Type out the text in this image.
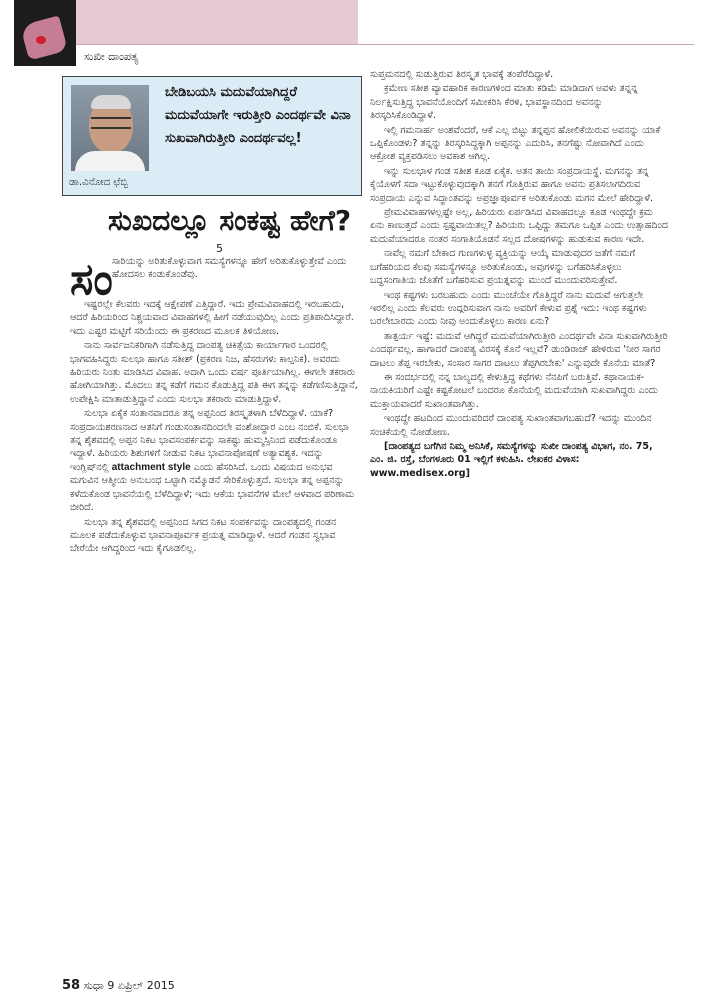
ಸುಖೀ ದಾಂಪತ್ಯ
ಡಾ.ವಿನೋದ ಛೆಬ್ಬಿ
ಬೇಡಿಬಯಸಿ ಮದುವೆಯಾಗಿದ್ದರೆ ಮದುವೆಯಾಗೇ ಇರುತ್ತೀರಿ ಎಂದರ್ಥವೇ ವಿನಾ ಸುಖವಾಗಿರುತ್ತೀರಿ ಎಂದರ್ಥವಲ್ಲ!
ಸುಖದಲ್ಲೂ ಸಂಕಷ್ಟ ಹೇಗೆ?
5
ಸಂ ಸಾರಿಯನ್ನು ಅರಿತುಕೊಳ್ಳುವಾಗ ಸಮಸ್ಯೆಗಳನ್ನೂ ಹೇಗೆ ಅರಿತುಕೊಳ್ಳುತ್ತೇವೆ ಎಂದು ಹೋದಸಲ ಕಂಡುಕೊಂಡೆವು.

ಇಷ್ಟರಲ್ಲೇ ಕೆಲವರು ಇದಕ್ಕೆ ಆಕ್ಷೇಪಣೆ ಎತ್ತಿದ್ದಾರೆ. ಇದು ಪ್ರೇಮವಿವಾಹದಲ್ಲಿ ಇರಬಹುದು, ಆದರೆ ಹಿರಿಯರಿಂದ ನಿಶ್ಚಯವಾದ ವಿವಾಹಗಳಲ್ಲಿ ಹೀಗೆ ನಡೆಯುವುದಿಲ್ಲ ಎಂದು ಪ್ರತಿಪಾದಿಸಿದ್ದಾರೆ. ಇದು ಎಷ್ಟರ ಮಟ್ಟಿಗೆ ಸರಿಯೆಂದು ಈ ಪ್ರಕರಣದ ಮೂಲಕ ತಿಳಿಯೋಣ.

ನಾನು ಸಾರ್ವಜನಿಕರಿಗಾಗಿ ನಡೆಸುತ್ತಿದ್ದ ದಾಂಪತ್ಯ ಚಿಕಿತ್ಸೆಯ ಕಾರ್ಯಾಗಾರ ಒಂದರಲ್ಲಿ ಭಾಗವಹಿಸಿದ್ದರು ಸುಲಭಾ ಹಾಗೂ ಸತೀಶ್ (ಪ್ರಕರಣ ನಿಜ, ಹೆಸರುಗಳು ಕಾಲ್ಪನಿಕ). ಅವರದು ಹಿರಿಯರು ನಿಂತು ಮಾಡಿಸಿದ ವಿವಾಹ. ಅದಾಗಿ ಒಂದು ವರ್ಷ ಪೂರ್ತಿಯಾಗಿಲ್ಲ. ಈಗಲೇ ತಕರಾರು ಹೋಗಿಯಾಗಿತ್ತು. ಮೊದಲು ತನ್ನ ಕಡೆಗೆ ಗಮನ ಕೊಡುತ್ತಿದ್ದ ಪತಿ ಈಗ ತನ್ನನ್ನು ಕಡೆಗಣಿಸುತ್ತಿದ್ದಾನೆ, ಉಪೇಕ್ಷಿಸಿ ಮಾತಾಡುತ್ತಿದ್ದಾನೆ ಎಂದು ಸುಲಭಾ ತಕರಾರು ಮಾಡುತ್ತಿದ್ದಾಳೆ.

ಸುಲಭಾ ಏಕೈಕ ಸಂತಾನವಾದರೂ ತನ್ನ ಅಪ್ಪನಿಂದ ತಿರಸ್ಕೃತಳಾಗಿ ಬೆಳೆದಿದ್ದಾಳೆ. ಯಾಕೆ? ಸಂಪ್ರದಾಯಶರಣನಾದ ಆತನಿಗೆ ಗಂಡುಸಂತಾನದಿಂದಲೇ ವಂಶೋದ್ಧಾರ ಎಂಬ ನಂಬಿಕೆ. ಸುಲಭಾ ತನ್ನ ಶೈಶವದಲ್ಲಿ ಅಪ್ಪನ ನಿಕಟ ಭಾವಸಂಪರ್ಕವನ್ನು ಸಾಕಷ್ಟು ಹುಮ್ಮಸ್ಸಿನಿಂದ ಪಡೆದುಕೊಂಡೂ ಇದ್ದಾಳೆ. ಹಿರಿಯರು ಶಿಶುಗಳಿಗೆ ನೀಡುವ ನಿಕಟ ಭಾವನಾಪೋಷಣೆ ಅತ್ಯಾವಶ್ಯಕ. ಇದನ್ನು ಇಂಗ್ಲಿಷ್‌ನಲ್ಲಿ attachment style ಎಂದು ಹೆಸರಿಸಿದೆ. ಒಂದು ವಿಷಯದ ಅನುಭವ ಮಗುವಿನ ಆತ್ಮೀಯ ಅನುಬಂಧ ಒಟ್ಟಾಗಿ ನಮ್ಮೊಡನೆ ಸೇರಿಕೊಳ್ಳುತ್ತದೆ. ಸುಲಭಾ ತನ್ನ ಅಪ್ಪನನ್ನು ಕಳೆದುಕೊಂಡ ಭಾವನೆಯಲ್ಲಿ ಬೆಳೆದಿದ್ದಾಳೆ; ಇದು ಆಕೆಯ ಭಾವನೆಗಳ ಮೇಲೆ ಆಳವಾದ ಪರಿಣಾಮ ಬೀರಿದೆ.

ಸುಲಭಾ ತನ್ನ ಶೈಶವದಲ್ಲಿ ಅಪ್ಪನಿಂದ ಸಿಗದ ನಿಕಟ ಸಂಪರ್ಕವನ್ನು ದಾಂಪತ್ಯದಲ್ಲಿ ಗಂಡನ ಮೂಲಕ ಪಡೆದುಕೊಳ್ಳುವ ಭಾವನಾಪೂರ್ವಕ ಪ್ರಯತ್ನ ಮಾಡಿದ್ದಾಳೆ. ಆದರೆ ಗಂಡನ ಸ್ವಭಾವ ಬೇರೆಯೇ ಆಗಿದ್ದರಿಂದ ಇದು ಕೈಗೂಡಲಿಲ್ಲ.

ಸುಪ್ತಮನದಲ್ಲಿ ಸುಡುತ್ತಿರುವ ತಿರಸ್ಕೃತ ಭಾವಕ್ಕೆ ತಂಪೆರೆದಿದ್ದಾಳೆ.

ಕ್ರಮೇಣ ಸತೀಶ ವ್ಯಾವಹಾರಿಕ ಕಾರಣಗಳಿಂದ ಮಾತು ಕಡಿಮೆ ಮಾಡಿದಾಗ ಅವಳು ತನ್ನನ್ನ ನಿರ್ಲಕ್ಷಿಸುತ್ತಿದ್ದ ಭಾವನೆಯೊಂದಿಗೆ ಸಮೀಕರಿಸಿ ಕೆರಳಿ, ಭಾವಸ್ಥಾನದಿಂದ ಅವನನ್ನು ತಿರಸ್ಕರಿಸಿಕೊಂಡಿದ್ದಾಳೆ.

ಇಲ್ಲಿ ಗಮನಾರ್ಹ ಅಂಶವೆಂದರೆ, ಆಕೆ ಎಲ್ಲ ಬಿಟ್ಟು ತನ್ನಪ್ಪನ ಹೋಲಿಕೆಯಿರುವ ಅವನನ್ನು ಯಾಕೆ ಒಪ್ಪಿಕೊಂಡಳು? ತನ್ನನ್ನು ತಿರಸ್ಕರಿಸಿದ್ದಕ್ಕಾಗಿ ಅಪ್ಪನನ್ನು ಎದುರಿಸಿ, ತನಗೆಷ್ಟು ನೋವಾಗಿದೆ ಎಂದು ಆಕ್ರೋಶ ವ್ಯಕ್ತಪಡಿಸಲು ಅವಕಾಶ ಆಗಿಲ್ಲ.

ಇನ್ನು ಸುಲಭಾಳ ಗಂಡ ಸತೀಶ ಕೂಡ ಏಕೈಕ. ಅತನ ತಾಯಿ ಸಂಪ್ರದಾಯಸ್ಥೆ. ಮಗನನ್ನು ತನ್ನ ಕೈಯೊಳಗೆ ಸದಾ ಇಟ್ಟುಕೊಳ್ಳುವುದಕ್ಕಾಗಿ ತನಗೆ ಗೊತ್ತಿರುವ ಹಾಗೂ ಅವನು ಪ್ರತಿಸಲಾಗದಿರುವ ಸಂಪ್ರದಾಯ ಎನ್ನುವ ಸಿದ್ಧಾಂತವನ್ನು ಅಪ್ರಜ್ಞಾಪೂರ್ವಕ ಅರಿತುಕೊಂಡು ಮಗನ ಮೇಲೆ ಹೇರಿದ್ದಾಳೆ.

ಪ್ರೇಮವಿವಾಹಗಳಲ್ಲಷ್ಟೇ ಅಲ್ಲ, ಹಿರಿಯರು ಏರ್ಪಡಿಸಿದ ವಿವಾಹದಲ್ಲೂ ಕೂಡ ಇಂಥದ್ದೇ ಕ್ರಮ ಏನು ಕಾಣುತ್ತದೆ ಎಂದು ಸ್ಪಷ್ಟವಾಯಿತಲ್ಲ? ಹಿರಿಯರು ಒಪ್ಪಿದ್ದು ತಮಗೂ ಒಪ್ಪಿತ ಎಂದು ಉತ್ಸಾಹದಿಂದ ಮದುವೆಯಾದರೂ ನಂತರ ಸಂಗಾತಿಯೊಡನೆ ಸಲ್ಲದ ದೋಷಗಳನ್ನು ಹುಡುಕುವ ಕಾರಣ ಇದೇ.

ನಾವೆಲ್ಲ ನಮಗೆ ಬೇಕಾದ ಗುಣಗಳುಳ್ಳ ವ್ಯಕ್ತಿಯನ್ನು ಆಯ್ಕೆ ಮಾಡುವುದರ ಜತೆಗೆ ನಮಗೆ ಬಗೆಹರಿಯದ ಕೆಲವು ಸಮಸ್ಯೆಗಳನ್ನೂ ಅರಿತುಕೊಂಡು, ಅವುಗಳನ್ನು ಬಗೆಹರಿಸಿಕೊಳ್ಳಲು ಬದ್ಧಸಂಗಾತಿಯ ಜೊತೆಗೆ ಬಗೆಹರಿಸುವ ಪ್ರಯತ್ನವನ್ನು ಮುಂದೆ ಮುಂದುವರಿಸುತ್ತೇವೆ.

ಇಂಥ ಕಷ್ಟಗಳು ಬರಬಹುದು ಎಂದು ಮುಂಚೆಯೇ ಗೊತ್ತಿದ್ದರೆ ನಾನು ಮದುವೆ ಆಗುತ್ತಲೇ ಇರಲಿಲ್ಲ ಎಂದು ಕೆಲವರು ಉದ್ಗರಿಸುವಾಗ ನಾನು ಅವರಿಗೆ ಕೇಳುವ ಪ್ರಶ್ನೆ ಇದು: ಇಂಥ ಕಷ್ಟಗಳು ಬರಲೇಬಾರದು ಎಂದು ನೀವು ಅಂದುಕೊಳ್ಳಲು ಕಾರಣ ಏನು?

ತಾತ್ಪರ್ಯ ಇಷ್ಟೆ: ಮದುವೆ ಆಗಿದ್ದರೆ ಮದುವೆಯಾಗಿರುತ್ತೀರಿ ಎಂದರ್ಥವೇ ವಿನಾ ಸುಖವಾಗಿರುತ್ತೀರಿ ಎಂದರ್ಥವಲ್ಲ. ಹಾಗಾದರೆ ದಾಂಪತ್ಯ ವಿರಸಕ್ಕೆ ಕೊನೆ ಇಲ್ಲವೆ? ಡುಂಡಿರಾಜ್ ಹೇಳಿರುವ 'ನೀರ ಸಾಗರ ದಾಟಲು ತೆಪ್ಪ ಇರಬೇಕು, ಸಂಸಾರ ಸಾಗರ ದಾಟಲು ತೆಪ್ಪಗಿರಬೇಕು' ಎನ್ನುವುದೇ ಕೊನೆಯ ಮಾತೆ?

ಈ ಸಂದರ್ಭದಲ್ಲಿ ನನ್ನ ಬಾಲ್ಯದಲ್ಲಿ ಕೇಳುತ್ತಿದ್ದ ಕಥೆಗಳು ನೆನಪಿಗೆ ಬರುತ್ತಿವೆ. ಕಥಾನಾಯಕ-ನಾಯಕಿಯರಿಗೆ ಎಷ್ಟೇ ಕಷ್ಟಕೋಟಲೆ ಬಂದರೂ ಕೊನೆಯಲ್ಲಿ ಮದುವೆಯಾಗಿ ಸುಖವಾಗಿದ್ದರು ಎಂದು ಮುಕ್ತಾಯವಾದರೆ ಸುಖಾಂತವಾಗಿತ್ತು.

ಇಂಥದ್ದೇ ಹಟದಿಂದ ಮುಂದುವರಿದರೆ ದಾಂಪತ್ಯ ಸುಖಾಂತವಾಗಬಹುದೆ? ಇದನ್ನು ಮುಂದಿನ ಸಂಚಿಕೆಯಲ್ಲಿ ನೋಡೋಣ.

[ದಾಂಪತ್ಯದ ಬಗೆಗಿನ ನಿಮ್ಮ ಅನಿಸಿಕೆ, ಸಮಸ್ಯೆಗಳನ್ನು ಸುಖೀ ದಾಂಪತ್ಯ ವಿಭಾಗ, ನಂ. 75, ಎಂ. ಜಿ. ರಸ್ತೆ, ಬೆಂಗಳೂರು 01 ಇಲ್ಲಿಗೆ ಕಳುಹಿಸಿ. ಲೇಖಕರ ವಿಳಾಸ: www.medisex.org]

58 ಸುಧಾ 9 ಏಪ್ರಿಲ್ 2015
